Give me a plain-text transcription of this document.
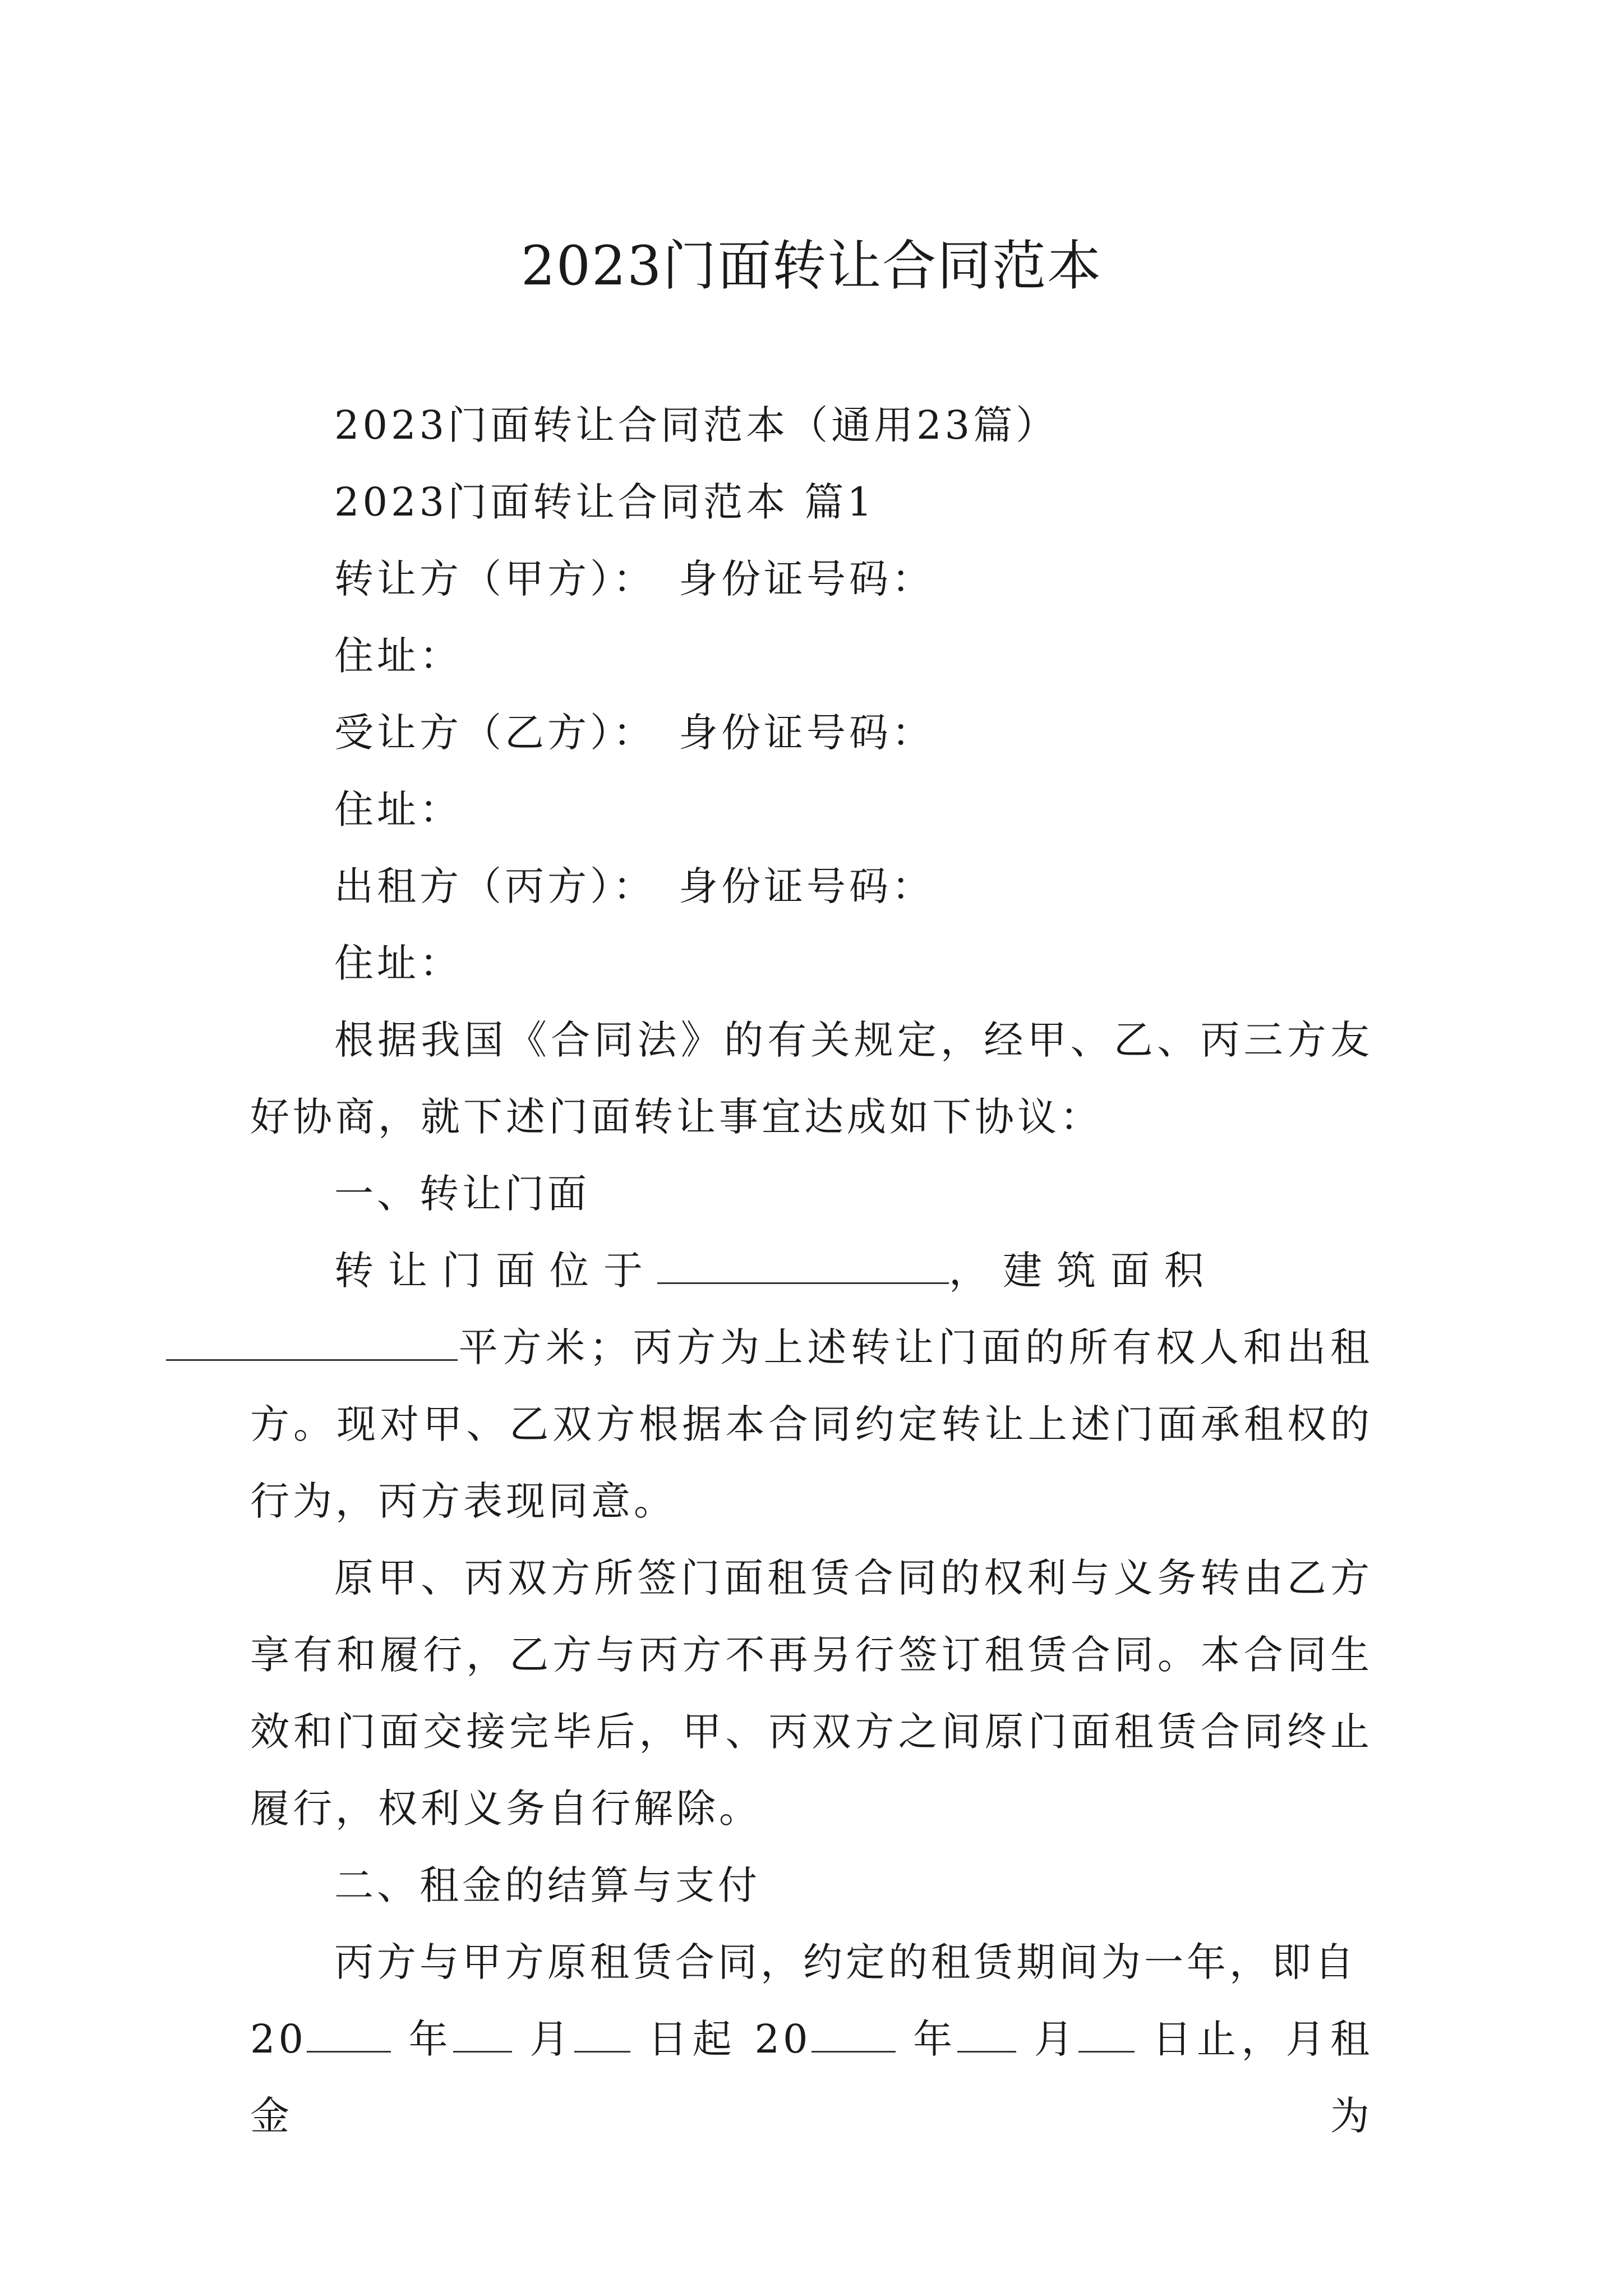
2023门面转让合同范本

2023门面转让合同范本（通用23篇）

2023门面转让合同范本 篇1

转让方（甲方）：　身份证号码：

住址：

受让方（乙方）：　身份证号码：

住址：

出租方（丙方）：　身份证号码：

住址：

根据我国《合同法》的有关规定，经甲、乙、丙三方友好协商，就下述门面转让事宜达成如下协议：

一、转让门面

转让门面位于	，建筑面积
平方米；丙方为上述转让门面的所有权人和出租方。现对甲、乙双方根据本合同约定转让上述门面承租权的行为，丙方表现同意。

原甲、丙双方所签门面租赁合同的权利与义务转由乙方享有和履行，乙方与丙方不再另行签订租赁合同。本合同生效和门面交接完毕后，甲、丙双方之间原门面租赁合同终止履行，权利义务自行解除。

二、租金的结算与支付

丙方与甲方原租赁合同，约定的租赁期间为一年，即自

20	年 月 日起 20	年 月 日止，月租金为
